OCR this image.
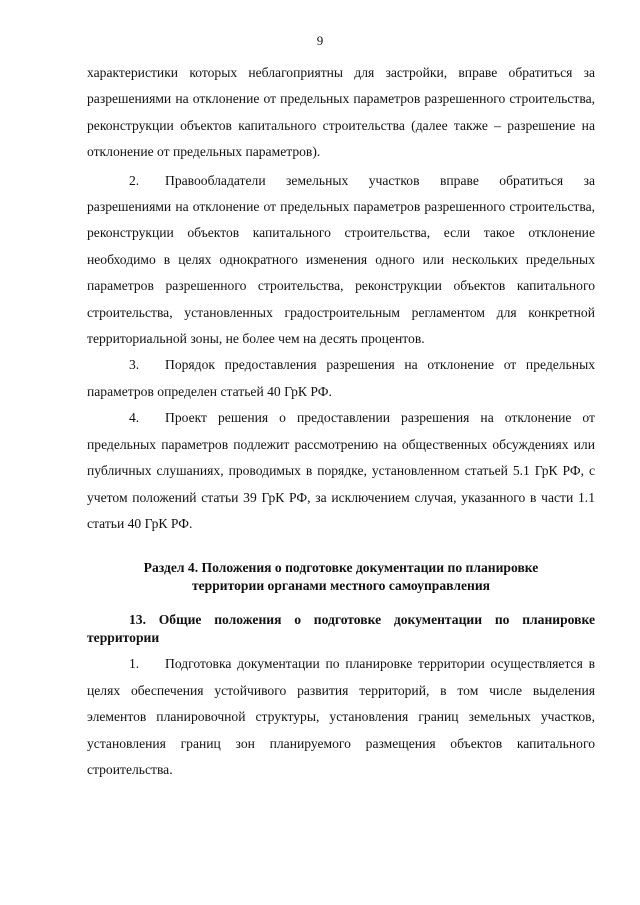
9

характеристики которых неблагоприятны для застройки, вправе обратиться за разрешениями на отклонение от предельных параметров разрешенного строительства, реконструкции объектов капитального строительства (далее также – разрешение на отклонение от предельных параметров).

2. Правообладатели земельных участков вправе обратиться за разрешениями на отклонение от предельных параметров разрешенного строительства, реконструкции объектов капитального строительства, если такое отклонение необходимо в целях однократного изменения одного или нескольких предельных параметров разрешенного строительства, реконструкции объектов капитального строительства, установленных градостроительным регламентом для конкретной территориальной зоны, не более чем на десять процентов.

3. Порядок предоставления разрешения на отклонение от предельных параметров определен статьей 40 ГрК РФ.

4. Проект решения о предоставлении разрешения на отклонение от предельных параметров подлежит рассмотрению на общественных обсуждениях или публичных слушаниях, проводимых в порядке, установленном статьей 5.1 ГрК РФ, с учетом положений статьи 39 ГрК РФ, за исключением случая, указанного в части 1.1 статьи 40 ГрК РФ.

Раздел 4. Положения о подготовке документации по планировке
территории органами местного самоуправления

13. Общие положения о подготовке документации по планировке территории

1. Подготовка документации по планировке территории осуществляется в целях обеспечения устойчивого развития территорий, в том числе выделения элементов планировочной структуры, установления границ земельных участков, установления границ зон планируемого размещения объектов капитального строительства.
